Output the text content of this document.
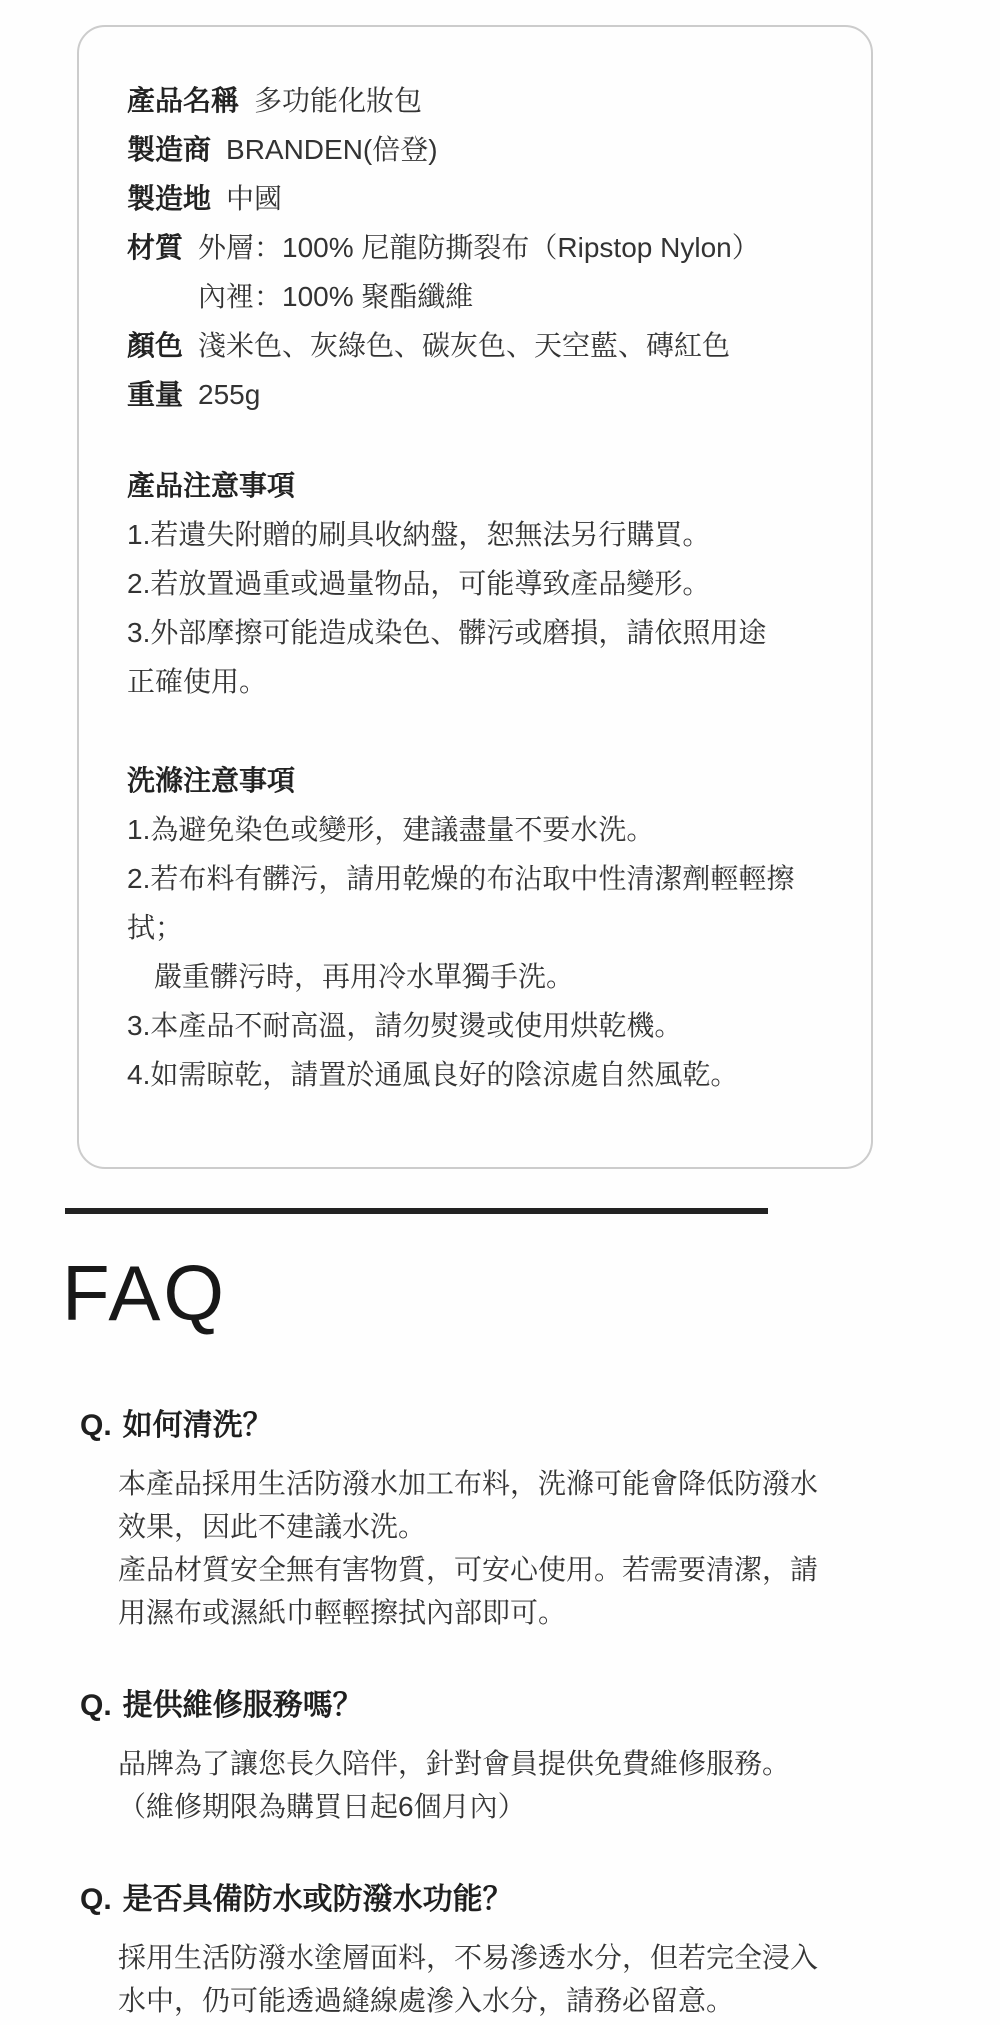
產品名稱 多功能化妝包
製造商 BRANDEN(倍登)
製造地 中國
材質 外層：100% 尼龍防撕裂布（Ripstop Nylon）
內裡：100% 聚酯纖維
顏色 淺米色、灰綠色、碳灰色、天空藍、磚紅色
重量 255g
產品注意事項
1.若遺失附贈的刷具收納盤，恕無法另行購買。
2.若放置過重或過量物品，可能導致產品變形。
3.外部摩擦可能造成染色、髒污或磨損，請依照用途
正確使用。
洗滌注意事項
1.為避免染色或變形，建議盡量不要水洗。
2.若布料有髒污，請用乾燥的布沾取中性清潔劑輕輕擦拭；
嚴重髒污時，再用冷水單獨手洗。
3.本產品不耐高溫，請勿熨燙或使用烘乾機。
4.如需晾乾，請置於通風良好的陰涼處自然風乾。
FAQ
Q. 如何清洗？
本產品採用生活防潑水加工布料，洗滌可能會降低防潑水
效果，因此不建議水洗。
產品材質安全無有害物質，可安心使用。若需要清潔，請
用濕布或濕紙巾輕輕擦拭內部即可。
Q. 提供維修服務嗎？
品牌為了讓您長久陪伴，針對會員提供免費維修服務。
（維修期限為購買日起6個月內）
Q. 是否具備防水或防潑水功能？
採用生活防潑水塗層面料，不易滲透水分，但若完全浸入
水中，仍可能透過縫線處滲入水分，請務必留意。
